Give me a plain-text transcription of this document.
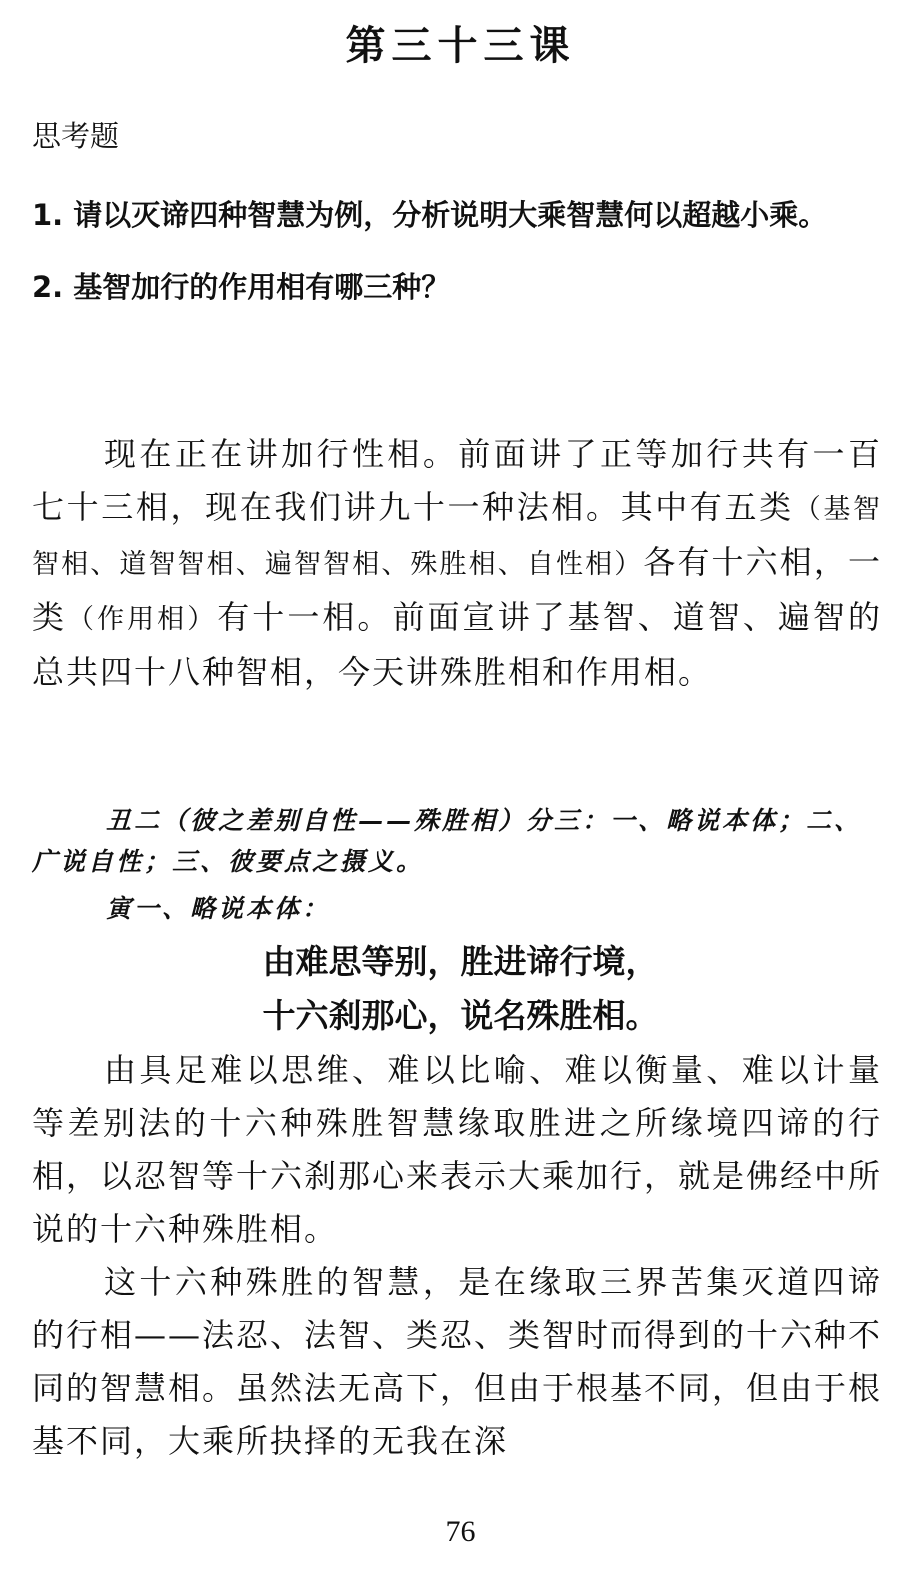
第三十三课
思考题
1. 请以灭谛四种智慧为例，分析说明大乘智慧何以超越小乘。
2. 基智加行的作用相有哪三种？
现在正在讲加行性相。前面讲了正等加行共有一百七十三相，现在我们讲九十一种法相。其中有五类（基智智相、道智智相、遍智智相、殊胜相、自性相）各有十六相，一类（作用相）有十一相。前面宣讲了基智、道智、遍智的总共四十八种智相，今天讲殊胜相和作用相。
丑二（彼之差别自性——殊胜相）分三：一、略说本体；二、广说自性；三、彼要点之摄义。
寅一、略说本体：
由难思等别，胜进谛行境，
十六刹那心，说名殊胜相。
由具足难以思维、难以比喻、难以衡量、难以计量等差别法的十六种殊胜智慧缘取胜进之所缘境四谛的行相，以忍智等十六刹那心来表示大乘加行，就是佛经中所说的十六种殊胜相。
这十六种殊胜的智慧，是在缘取三界苦集灭道四谛的行相——法忍、法智、类忍、类智时而得到的十六种不同的智慧相。虽然法无高下，但由于根基不同，但由于根基不同，大乘所抉择的无我在深
76
